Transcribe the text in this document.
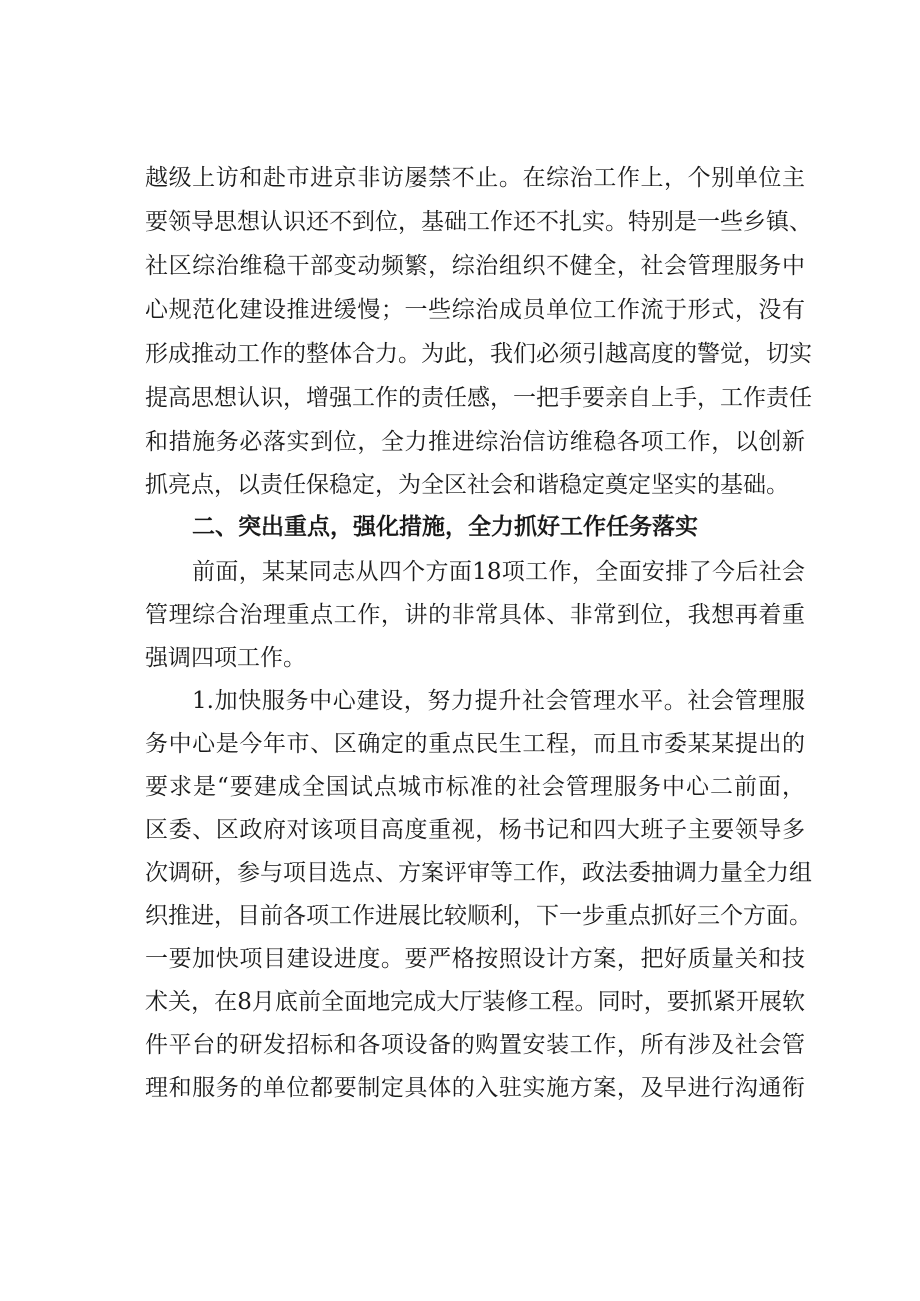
越级上访和赴市进京非访屡禁不止。在综治工作上，个别单位主
要领导思想认识还不到位，基础工作还不扎实。特别是一些乡镇、
社区综治维稳干部变动频繁，综治组织不健全，社会管理服务中
心规范化建设推进缓慢；一些综治成员单位工作流于形式，没有
形成推动工作的整体合力。为此，我们必须引越高度的警觉，切实
提高思想认识，增强工作的责任感，一把手要亲自上手，工作责任
和措施务必落实到位，全力推进综治信访维稳各项工作，以创新
抓亮点，以责任保稳定，为全区社会和谐稳定奠定坚实的基础。
二、突出重点，强化措施，全力抓好工作任务落实
前面，某某同志从四个方面18项工作，全面安排了今后社会
管理综合治理重点工作，讲的非常具体、非常到位，我想再着重
强调四项工作。
1.加快服务中心建设，努力提升社会管理水平。社会管理服
务中心是今年市、区确定的重点民生工程，而且市委某某提出的
要求是“要建成全国试点城市标准的社会管理服务中心二前面，
区委、区政府对该项目高度重视，杨书记和四大班子主要领导多
次调研，参与项目选点、方案评审等工作，政法委抽调力量全力组
织推进，目前各项工作进展比较顺利，下一步重点抓好三个方面。
一要加快项目建设进度。要严格按照设计方案，把好质量关和技
术关，在8月底前全面地完成大厅装修工程。同时，要抓紧开展软
件平台的研发招标和各项设备的购置安装工作，所有涉及社会管
理和服务的单位都要制定具体的入驻实施方案，及早进行沟通衔
